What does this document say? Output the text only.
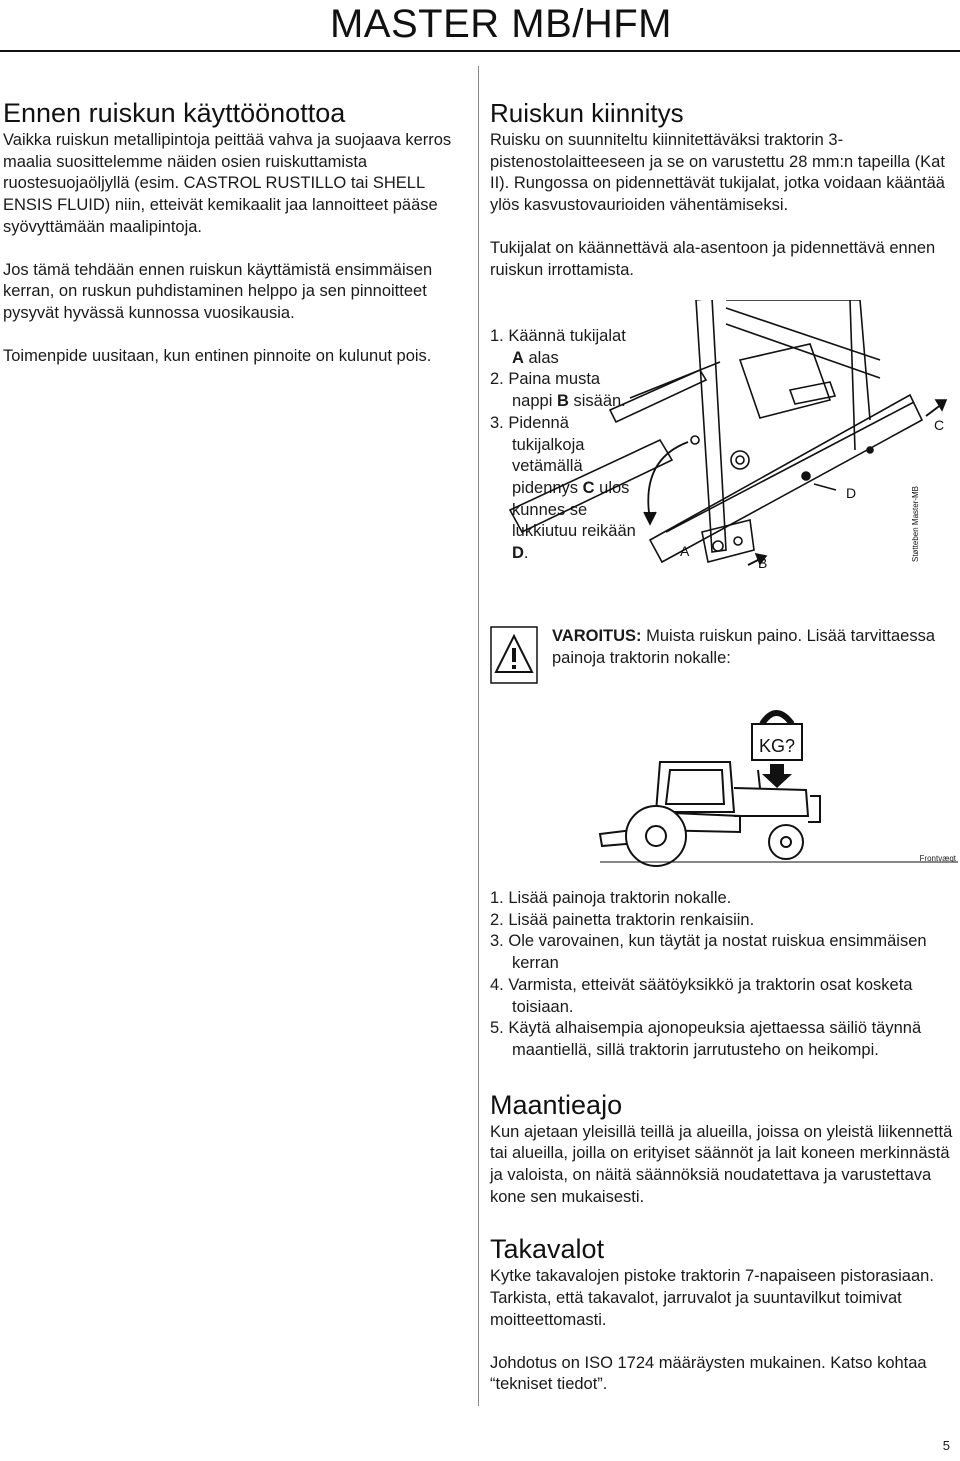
MASTER MB/HFM
Ennen ruiskun käyttöönottoa

Vaikka ruiskun metallipintoja peittää vahva ja suojaava kerros maalia suosittelemme näiden osien ruiskuttamista ruostesuojaöljyllä (esim. CASTROL RUSTILLO tai SHELL ENSIS FLUID) niin, etteivät kemikaalit jaa lannoitteet pääse syövyttämään maalipintoja.

Jos tämä tehdään ennen ruiskun käyttämistä ensimmäisen kerran, on ruskun puhdistaminen helppo ja sen pinnoitteet pysyvät hyvässä kunnossa vuosikausia.

Toimenpide uusitaan, kun entinen pinnoite on kulunut pois.

Ruiskun kiinnitys

Ruisku on suunniteltu kiinnitettäväksi traktorin 3-pistenostolaitteeseen ja se on varustettu 28 mm:n tapeilla (Kat II). Rungossa on pidennettävät tukijalat, jotka voidaan kääntää ylös kasvustovaurioiden vähentämiseksi.

Tukijalat on käännettävä ala-asentoon ja pidennettävä ennen ruiskun irrottamista.

1. Käännä tukijalat A alas
2. Paina musta nappi B sisään.
3. Pidennä tukijalkoja vetämällä pidennys C ulos kunnes se lukkiutuu reikään D.	A
B
C
D	Støtteben Master-MB
VAROITUS: Muista ruiskun paino. Lisää tarvittaessa painoja traktorin nokalle:
KG?
Frontvægt
1. Lisää painoja traktorin nokalle.
2. Lisää painetta traktorin renkaisiin.
3. Ole varovainen, kun täytät ja nostat ruiskua ensimmäisen kerran
4. Varmista, etteivät säätöyksikkö ja traktorin osat kosketa toisiaan.
5. Käytä alhaisempia ajonopeuksia ajettaessa säiliö täynnä maantiellä, sillä traktorin jarrutusteho on heikompi.
Maantieajo

Kun ajetaan yleisillä teillä ja alueilla, joissa on yleistä liikennettä tai alueilla, joilla on erityiset säännöt ja lait koneen merkinnästä ja valoista, on näitä säännöksiä noudatettava ja varustettava kone sen mukaisesti.

Takavalot

Kytke takavalojen pistoke traktorin 7-napaiseen pistorasiaan. Tarkista, että takavalot, jarruvalot ja suuntavilkut toimivat moitteettomasti.

Johdotus on ISO 1724 määräysten mukainen. Katso kohtaa “tekniset tiedot”.

5
